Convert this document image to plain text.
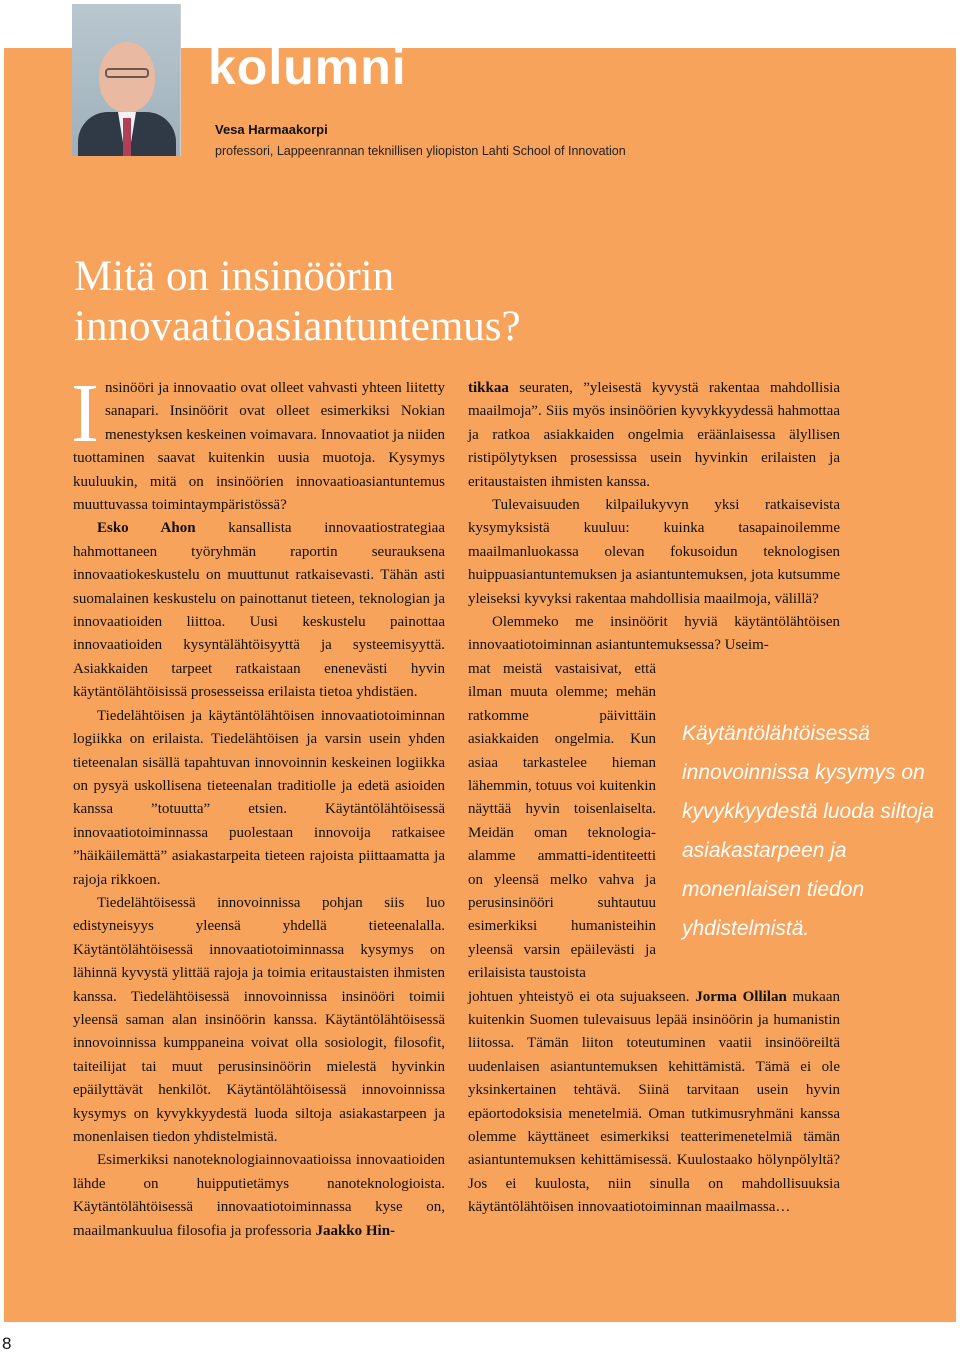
kolumni
Vesa Harmaakorpi
professori, Lappeenrannan teknillisen yliopiston Lahti School of Innovation
Mitä on insinöörin
innovaatioasiantuntemus?

Insinööri ja innovaatio ovat olleet vahvasti yhteen liitetty sanapari. Insinöörit ovat olleet esimerkiksi Nokian menestyksen keskeinen voimavara. Innovaatiot ja niiden tuottaminen saavat kuitenkin uusia muotoja. Kysymys kuuluukin, mitä on insinöörien innovaatioasiantuntemus muuttuvassa toimintaympäristössä?

Esko Ahon kansallista innovaatiostrategiaa hahmottaneen työryhmän raportin seurauksena innovaatiokeskustelu on muuttunut ratkaisevasti. Tähän asti suomalainen keskustelu on painottanut tieteen, teknologian ja innovaatioiden liittoa. Uusi keskustelu painottaa innovaatioiden kysyntälähtöisyyttä ja systeemisyyttä. Asiakkaiden tarpeet ratkaistaan enenevästi hyvin käytäntölähtöisissä prosesseissa erilaista tietoa yhdistäen.

Tiedelähtöisen ja käytäntölähtöisen innovaatiotoiminnan logiikka on erilaista. Tiedelähtöisen ja varsin usein yhden tieteenalan sisällä tapahtuvan innovoinnin keskeinen logiikka on pysyä uskollisena tieteenalan traditiolle ja edetä asioiden kanssa ”totuutta” etsien. Käytäntölähtöisessä innovaatiotoiminnassa puolestaan innovoija ratkaisee ”häikäilemättä” asiakastarpeita tieteen rajoista piittaamatta ja rajoja rikkoen.

Tiedelähtöisessä innovoinnissa pohjan siis luo edistyneisyys yleensä yhdellä tieteenalalla. Käytäntölähtöisessä innovaatiotoiminnassa kysymys on lähinnä kyvystä ylittää rajoja ja toimia eritaustaisten ihmisten kanssa. Tiedelähtöisessä innovoinnissa insinööri toimii yleensä saman alan insinöörin kanssa. Käytäntölähtöisessä innovoinnissa kumppaneina voivat olla sosiologit, filosofit, taiteilijat tai muut perusinsinöörin mielestä hyvinkin epäilyttävät henkilöt. Käytäntölähtöisessä innovoinnissa kysymys on kyvykkyydestä luoda siltoja asiakastarpeen ja monenlaisen tiedon yhdistelmistä.

Esimerkiksi nanoteknologiainnovaatioissa innovaatioiden lähde on huipputietämys nanoteknologioista. Käytäntölähtöisessä innovaatiotoiminnassa kyse on, maailmankuulua filosofia ja professoria Jaakko Hin-

tikkaa seuraten, ”yleisestä kyvystä rakentaa mahdollisia maailmoja”. Siis myös insinöörien kyvykkyydessä hahmottaa ja ratkoa asiakkaiden ongelmia eräänlaisessa älyllisen ristipölytyksen prosessissa usein hyvinkin erilaisten ja eritaustaisten ihmisten kanssa.

Tulevaisuuden kilpailukyvyn yksi ratkaisevista kysymyksistä kuuluu: kuinka tasapainoilemme maailmanluokassa olevan fokusoidun teknologisen huippuasiantuntemuksen ja asiantuntemuksen, jota kutsumme yleiseksi kyvyksi rakentaa mahdollisia maailmoja, välillä?

Olemmeko me insinöörit hyviä käytäntölähtöisen innovaatiotoiminnan asiantuntemuksessa? Useim-

mat meistä vastaisivat, että ilman muuta olemme; mehän ratkomme päivittäin asiakkaiden ongelmia. Kun asiaa tarkastelee hieman lähemmin, totuus voi kuitenkin näyttää hyvin toisenlaiselta. Meidän oman teknologia-alamme ammatti-identiteetti on yleensä melko vahva ja perusinsinööri suhtautuu esimerkiksi humanisteihin yleensä varsin epäilevästi ja erilaisista taustoista

johtuen yhteistyö ei ota sujuakseen. Jorma Ollilan mukaan kuitenkin Suomen tulevaisuus lepää insinöörin ja humanistin liitossa. Tämän liiton toteutuminen vaatii insinööreiltä uudenlaisen asiantuntemuksen kehittämistä. Tämä ei ole yksinkertainen tehtävä. Siinä tarvitaan usein hyvin epäortodoksisia menetelmiä. Oman tutkimusryhmäni kanssa olemme käyttäneet esimerkiksi teatterimenetelmiä tämän asiantuntemuksen kehittämisessä. Kuulostaako hölynpölyltä? Jos ei kuulosta, niin sinulla on mahdollisuuksia käytäntölähtöisen innovaatiotoiminnan maailmassa…

Käytäntölähtöisessä innovoinnissa kysymys on kyvykkyydestä luoda siltoja asiakastarpeen ja monenlaisen tiedon yhdistelmistä.
8
